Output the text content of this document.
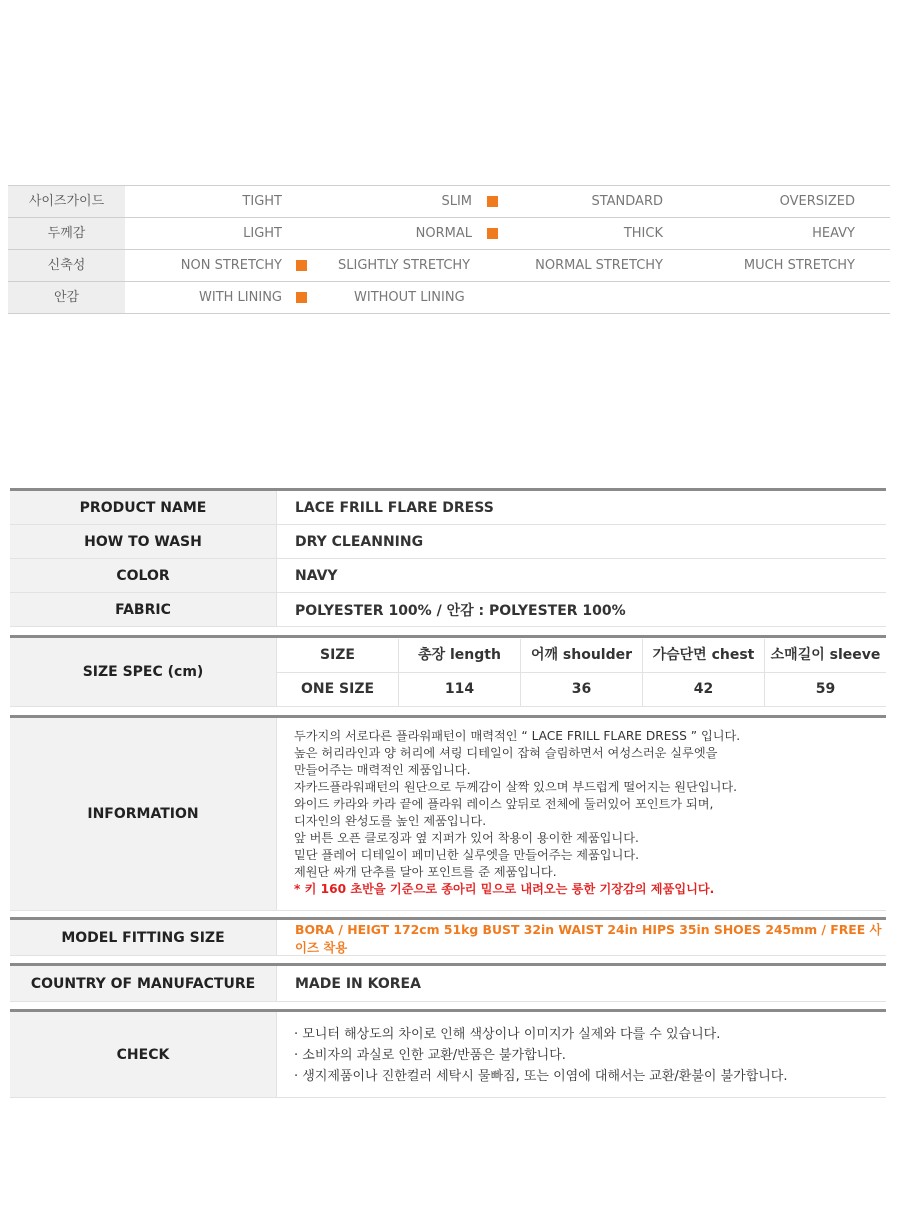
사이즈가이드	TIGHT	SLIM	STANDARD	OVERSIZED
두께감	LIGHT	NORMAL	THICK	HEAVY
신축성	NON STRETCHY	SLIGHTLY STRETCHY	NORMAL STRETCHY	MUCH STRETCHY
안감	WITH LINING	WITHOUT LINING
PRODUCT NAME	LACE FRILL FLARE DRESS
HOW TO WASH	DRY CLEANNING
COLOR	NAVY
FABRIC	POLYESTER 100% / 안감 : POLYESTER 100%
SIZE SPEC (cm)
SIZE	총장 length	어깨 shoulder	가슴단면 chest	소매길이 sleeve
ONE SIZE	114	36	42	59
INFORMATION
두가지의 서로다른 플라워패턴이 매력적인 “ LACE FRILL FLARE DRESS ” 입니다.
높은 허리라인과 양 허리에 셔링 디테일이 잡혀 슬림하면서 여성스러운 실루엣을
만들어주는 매력적인 제품입니다.
자카드플라워패턴의 원단으로 두께감이 살짝 있으며 부드럽게 떨어지는 원단입니다.
와이드 카라와 카라 끝에 플라워 레이스 앞뒤로 전체에 둘러있어 포인트가 되며,
디자인의 완성도를 높인 제품입니다.
앞 버튼 오픈 클로징과 옆 지퍼가 있어 착용이 용이한 제품입니다.
밑단 플레어 디테일이 페미닌한 실루엣을 만들어주는 제품입니다.
제원단 싸개 단추를 달아 포인트를 준 제품입니다.
* 키 160 초반을 기준으로 종아리 밑으로 내려오는 롱한 기장감의 제품입니다.
MODEL FITTING SIZE
BORA / HEIGT 172cm 51kg BUST 32in WAIST 24in HIPS 35in SHOES 245mm / FREE 사이즈 착용
COUNTRY OF MANUFACTURE	MADE IN KOREA
CHECK
· 모니터 해상도의 차이로 인해 색상이나 이미지가 실제와 다를 수 있습니다.
· 소비자의 과실로 인한 교환/반품은 불가합니다.
· 생지제품이나 진한컬러 세탁시 물빠짐, 또는 이염에 대해서는 교환/환불이 불가합니다.
